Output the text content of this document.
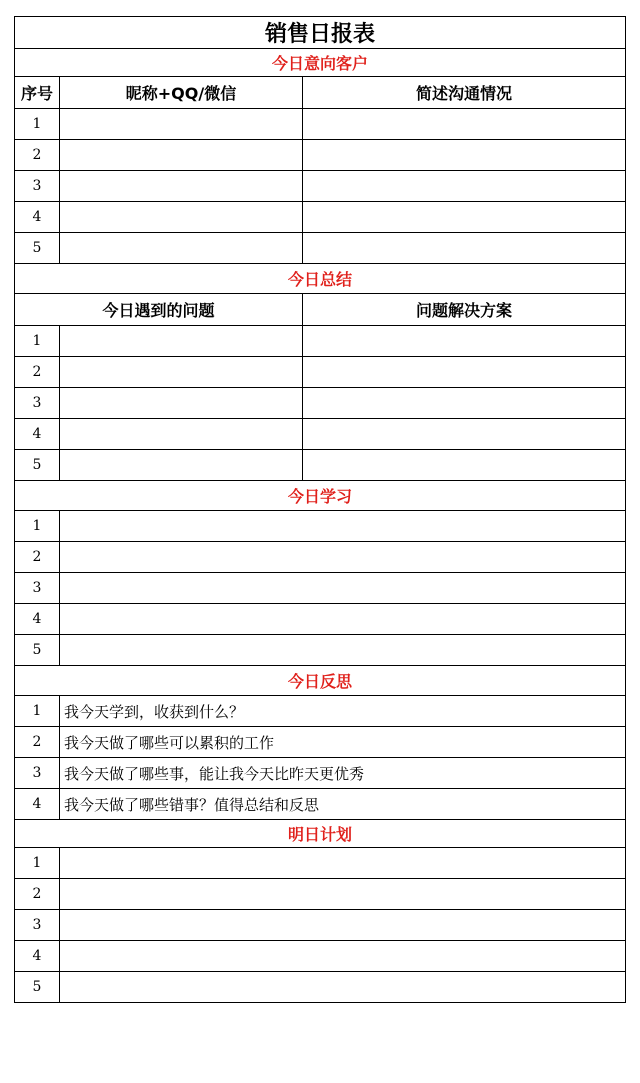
销售日报表		
今日意向客户		
序号	昵称+QQ/微信	简述沟通情况
1		
2		
3		
4		
5		
今日总结		
今日遇到的问题		问题解决方案
1		
2		
3		
4		
5		
今日学习		
1		
2		
3		
4		
5		
今日反思		
1	我今天学到，收获到什么？	
2	我今天做了哪些可以累积的工作	
3	我今天做了哪些事，能让我今天比昨天更优秀	
4	我今天做了哪些错事？值得总结和反思	
明日计划		
1		
2		
3		
4		
5		
